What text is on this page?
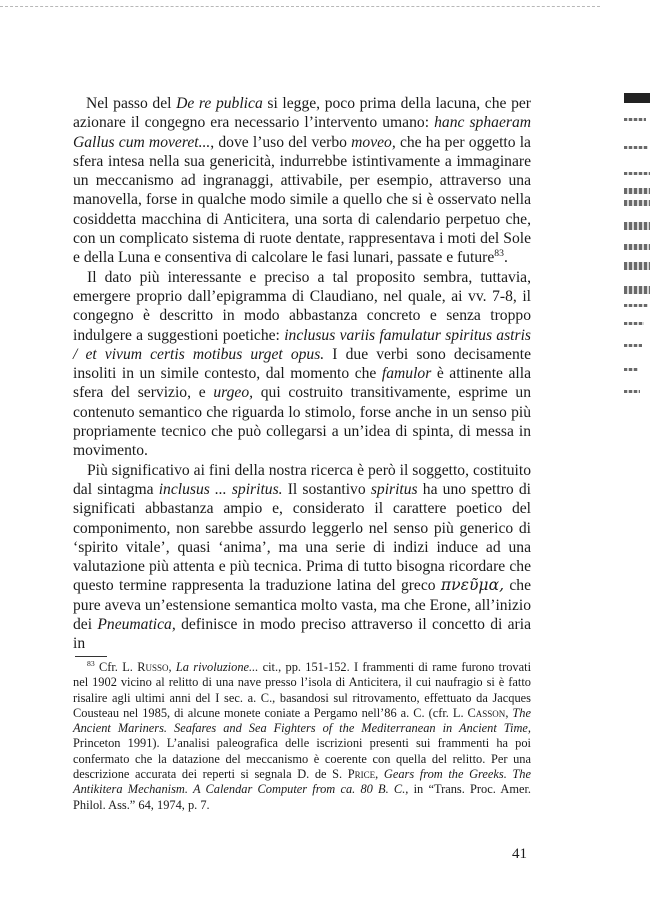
Nel passo del De re publica si legge, poco prima della lacuna, che per azionare il congegno era necessario l’intervento umano: hanc sphaeram Gallus cum moveret..., dove l’uso del verbo moveo, che ha per oggetto la sfera intesa nella sua genericità, indurrebbe istintivamente a immaginare un meccanismo ad ingranaggi, attivabile, per esempio, attraverso una manovella, forse in qualche modo simile a quello che si è osservato nella cosiddetta macchina di Anticitera, una sorta di calendario perpetuo che, con un complicato sistema di ruote dentate, rappresentava i moti del Sole e della Luna e consentiva di calcolare le fasi lunari, passate e future$^{83}$.

Il dato più interessante e preciso a tal proposito sembra, tuttavia, emergere proprio dall’epigramma di Claudiano, nel quale, ai vv. 7-8, il congegno è descritto in modo abbastanza concreto e senza troppo indulgere a suggestioni poetiche: inclusus variis famulatur spiritus astris / et vivum certis motibus urget opus. I due verbi sono decisamente insoliti in un simile contesto, dal momento che famulor è attinente alla sfera del servizio, e urgeo, qui costruito transitivamente, esprime un contenuto semantico che riguarda lo stimolo, forse anche in un senso più propriamente tecnico che può collegarsi a un’idea di spinta, di messa in movimento.

Più significativo ai fini della nostra ricerca è però il soggetto, costituito dal sintagma inclusus ... spiritus. Il sostantivo spiritus ha uno spettro di significati abbastanza ampio e, considerato il carattere poetico del componimento, non sarebbe assurdo leggerlo nel senso più generico di ‘spirito vitale’, quasi ‘anima’, ma una serie di indizi induce ad una valutazione più attenta e più tecnica. Prima di tutto bisogna ricordare che questo termine rappresenta la traduzione latina del greco πνεῦμα, che pure aveva un’estensione semantica molto vasta, ma che Erone, all’inizio dei Pneumatica, definisce in modo preciso attraverso il concetto di aria in

$^{83}$ Cfr. L. Russo, La rivoluzione... cit., pp. 151-152. I frammenti di rame furono trovati nel 1902 vicino al relitto di una nave presso l’isola di Anticitera, il cui naufragio si è fatto risalire agli ultimi anni del I sec. a. C., basandosi sul ritrovamento, effettuato da Jacques Cousteau nel 1985, di alcune monete coniate a Pergamo nell’86 a. C. (cfr. L. Casson, The Ancient Mariners. Seafares and Sea Fighters of the Mediterranean in Ancient Time, Princeton 1991). L’analisi paleografica delle iscrizioni presenti sui frammenti ha poi confermato che la datazione del meccanismo è coerente con quella del relitto. Per una descrizione accurata dei reperti si segnala D. de S. Price, Gears from the Greeks. The Antikitera Mechanism. A Calendar Computer from ca. 80 B. C., in “Trans. Proc. Amer. Philol. Ass.” 64, 1974, p. 7.

41
